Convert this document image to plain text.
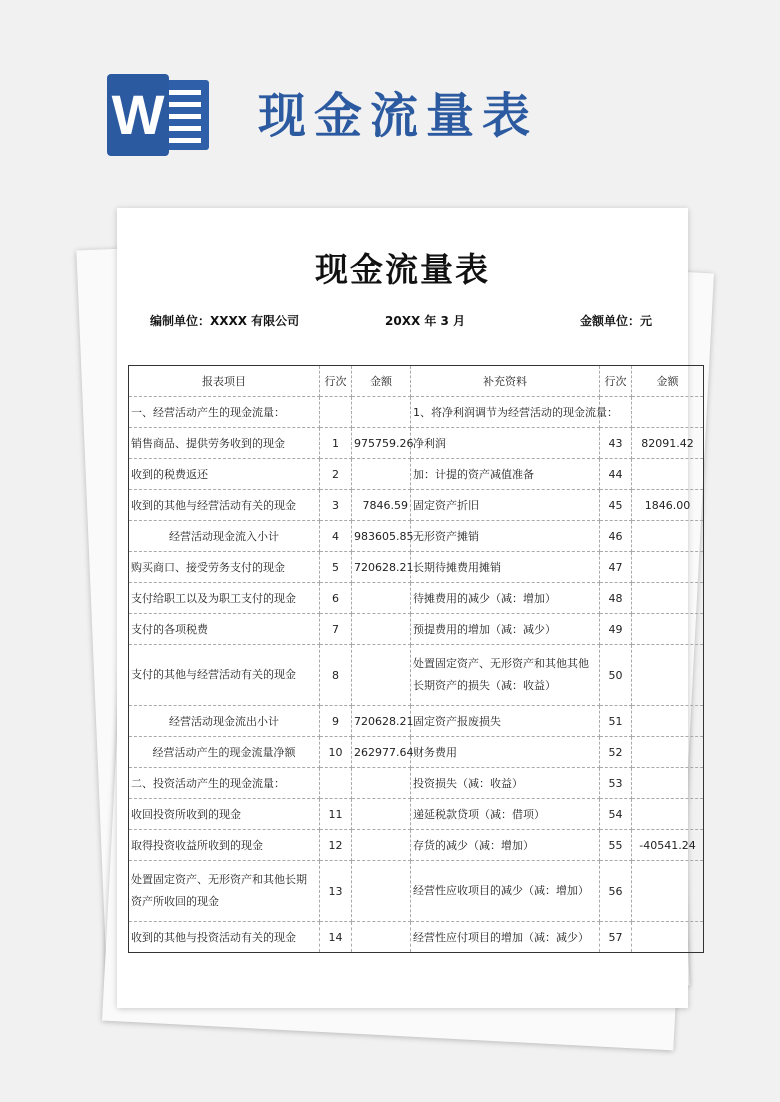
W 现金流量表
现金流量表
编制单位：XXXX 有限公司	20XX 年 3 月	金额单位：元
报表项目	行次	金额	补充资料	行次	金额
一、经营活动产生的现金流量：			1、将净利润调节为经营活动的现金流量：		
销售商品、提供劳务收到的现金	1	975759.26	净利润	43	82091.42
收到的税费返还	2		加：计提的资产减值准备	44	
收到的其他与经营活动有关的现金	3	7846.59	固定资产折旧	45	1846.00
经营活动现金流入小计	4	983605.85	无形资产摊销	46	
购买商口、接受劳务支付的现金	5	720628.21	长期待摊费用摊销	47	
支付给职工以及为职工支付的现金	6		待摊费用的减少（减：增加）	48	
支付的各项税费	7		预提费用的增加（减：减少）	49	
支付的其他与经营活动有关的现金	8		处置固定资产、无形资产和其他其他长期资产的损失（减：收益）	50	
经营活动现金流出小计	9	720628.21	固定资产报废损失	51	
经营活动产生的现金流量净额	10	262977.64	财务费用	52	
二、投资活动产生的现金流量：			投资损失（减：收益）	53	
收回投资所收到的现金	11		递延税款贷项（减：借项）	54	
取得投资收益所收到的现金	12		存货的减少（减：增加）	55	-40541.24
处置固定资产、无形资产和其他长期资产所收回的现金	13		经营性应收项目的减少（减：增加）	56	
收到的其他与投资活动有关的现金	14		经营性应付项目的增加（减：减少）	57	
